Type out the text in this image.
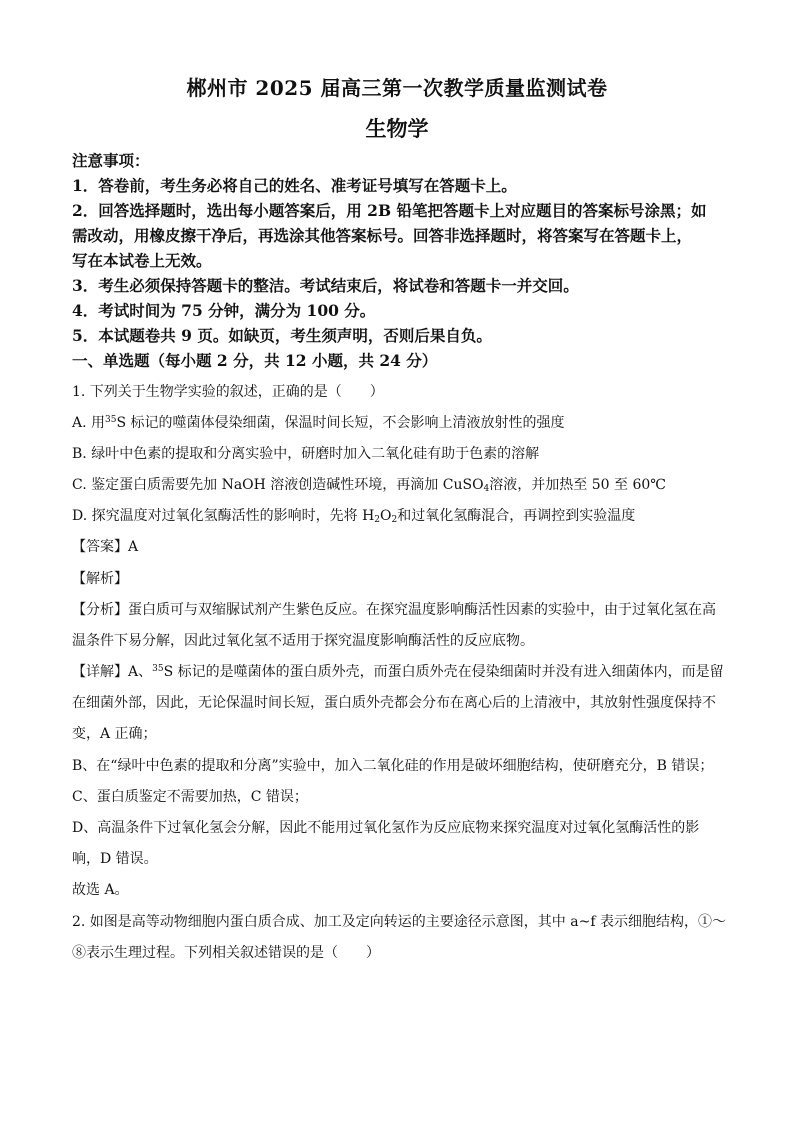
郴州市 2025 届高三第一次教学质量监测试卷
生物学
注意事项：
1．答卷前，考生务必将自己的姓名、准考证号填写在答题卡上。
2．回答选择题时，选出每小题答案后，用 2B 铅笔把答题卡上对应题目的答案标号涂黑；如
需改动，用橡皮擦干净后，再选涂其他答案标号。回答非选择题时，将答案写在答题卡上，
写在本试卷上无效。
3．考生必须保持答题卡的整洁。考试结束后，将试卷和答题卡一并交回。
4．考试时间为 75 分钟，满分为 100 分。
5．本试题卷共 9 页。如缺页，考生须声明，否则后果自负。
一、单选题（每小题 2 分，共 12 小题，共 24 分）
1. 下列关于生物学实验的叙述，正确的是（　　）
A. 用$^{35}$S 标记的噬菌体侵染细菌，保温时间长短，不会影响上清液放射性的强度
B. 绿叶中色素的提取和分离实验中，研磨时加入二氧化硅有助于色素的溶解
C. 鉴定蛋白质需要先加 NaOH 溶液创造碱性环境，再滴加 CuSO$_4$溶液，并加热至 50 至 60℃
D. 探究温度对过氧化氢酶活性的影响时，先将 $H_2O_2$和过氧化氢酶混合，再调控到实验温度
【答案】A
【解析】
【分析】蛋白质可与双缩脲试剂产生紫色反应。在探究温度影响酶活性因素的实验中，由于过氧化氢在高
温条件下易分解，因此过氧化氢不适用于探究温度影响酶活性的反应底物。
【详解】A、$^{35}$S 标记的是噬菌体的蛋白质外壳，而蛋白质外壳在侵染细菌时并没有进入细菌体内，而是留
在细菌外部，因此，无论保温时间长短，蛋白质外壳都会分布在离心后的上清液中，其放射性强度保持不
变，A 正确；
B、在“绿叶中色素的提取和分离”实验中，加入二氧化硅的作用是破坏细胞结构，使研磨充分，B 错误；
C、蛋白质鉴定不需要加热，C 错误；
D、高温条件下过氧化氢会分解，因此不能用过氧化氢作为反应底物来探究温度对过氧化氢酶活性的影
响，D 错误。
故选 A。
2. 如图是高等动物细胞内蛋白质合成、加工及定向转运的主要途径示意图，其中 a~f 表示细胞结构，①～
⑧表示生理过程。下列相关叙述错误的是（　　）
